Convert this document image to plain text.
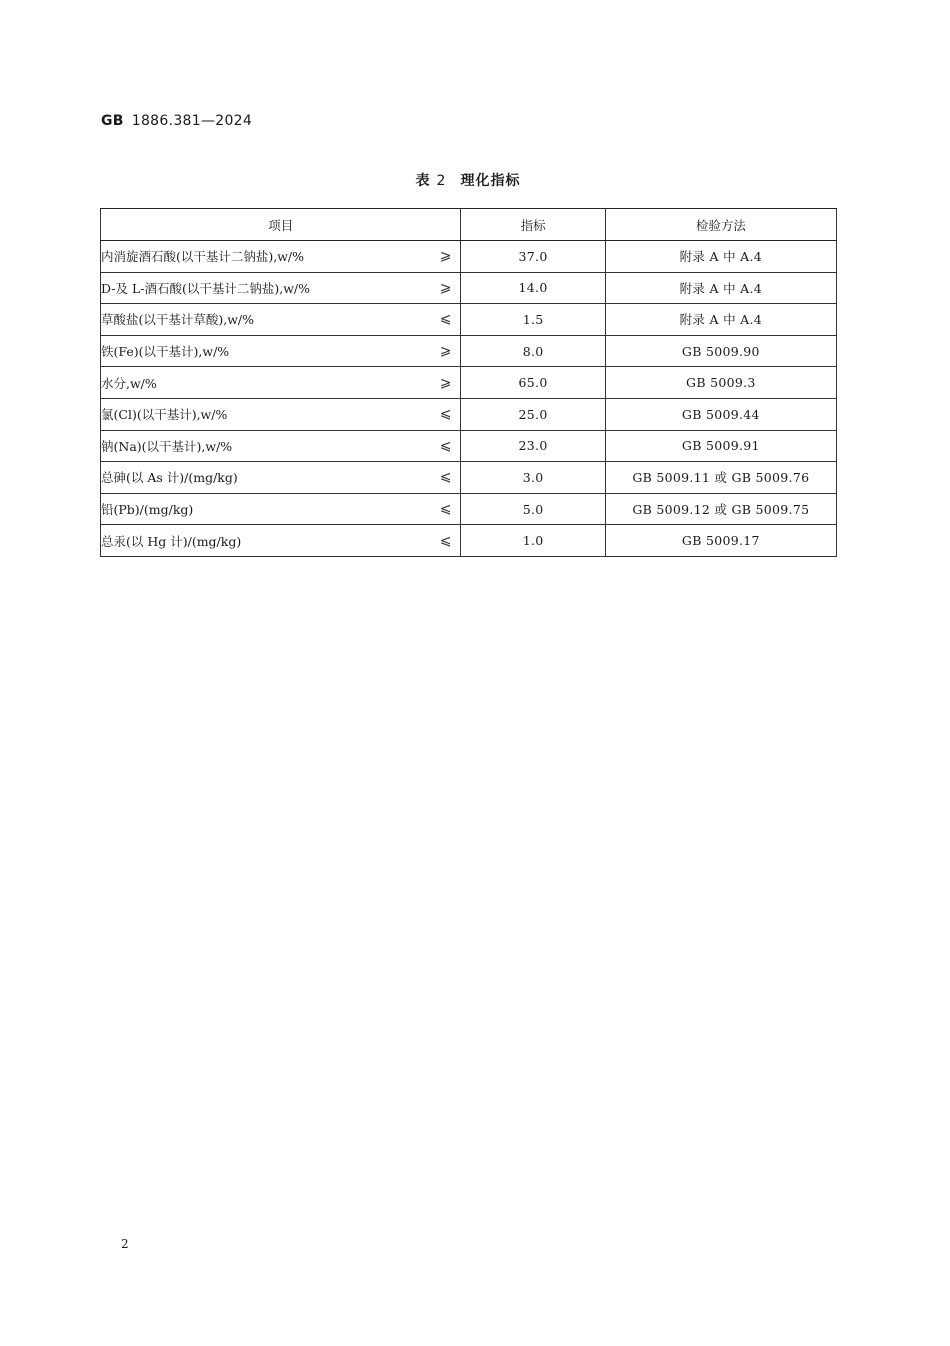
GB 1886.381—2024
表 2 理化指标
项目	指标	检验方法
内消旋酒石酸(以干基计二钠盐),w/% ⩾	37.0	附录 A 中 A.4
D-及 L-酒石酸(以干基计二钠盐),w/% ⩾	14.0	附录 A 中 A.4
草酸盐(以干基计草酸),w/% ⩽	1.5	附录 A 中 A.4
铁(Fe)(以干基计),w/% ⩾	8.0	GB 5009.90
水分,w/% ⩾	65.0	GB 5009.3
氯(Cl)(以干基计),w/% ⩽	25.0	GB 5009.44
钠(Na)(以干基计),w/% ⩽	23.0	GB 5009.91
总砷(以 As 计)/(mg/kg) ⩽	3.0	GB 5009.11 或 GB 5009.76
铅(Pb)/(mg/kg) ⩽	5.0	GB 5009.12 或 GB 5009.75
总汞(以 Hg 计)/(mg/kg) ⩽	1.0	GB 5009.17
2
